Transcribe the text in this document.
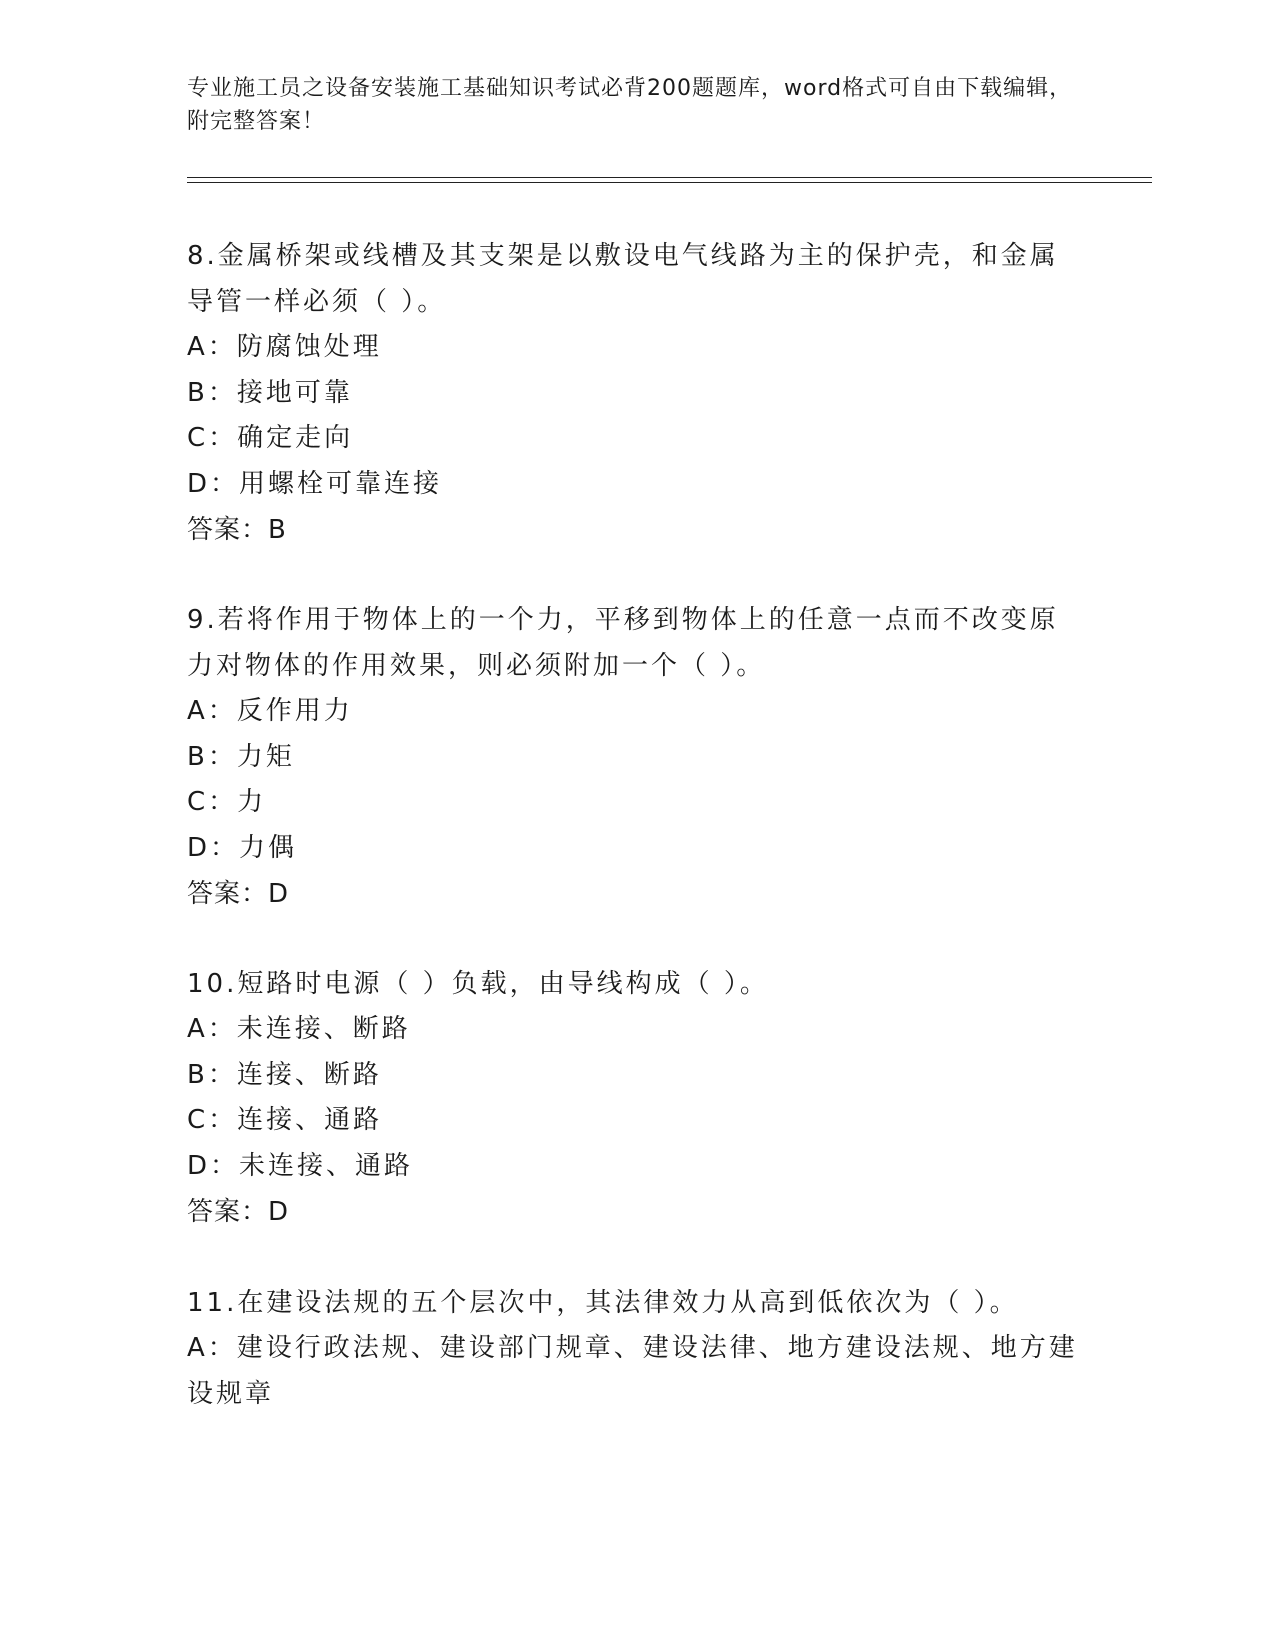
专业施工员之设备安装施工基础知识考试必背200题题库，word格式可自由下载编辑，附完整答案！

8.金属桥架或线槽及其支架是以敷设电气线路为主的保护壳，和金属导管一样必须（ ）。

A：防腐蚀处理

B：接地可靠

C：确定走向

D：用螺栓可靠连接

答案：B

9.若将作用于物体上的一个力，平移到物体上的任意一点而不改变原力对物体的作用效果，则必须附加一个（ ）。

A：反作用力

B：力矩

C：力

D：力偶

答案：D

10.短路时电源（ ）负载，由导线构成（ ）。

A：未连接、断路

B：连接、断路

C：连接、通路

D：未连接、通路

答案：D

11.在建设法规的五个层次中，其法律效力从高到低依次为（ ）。

A：建设行政法规、建设部门规章、建设法律、地方建设法规、地方建设规章
